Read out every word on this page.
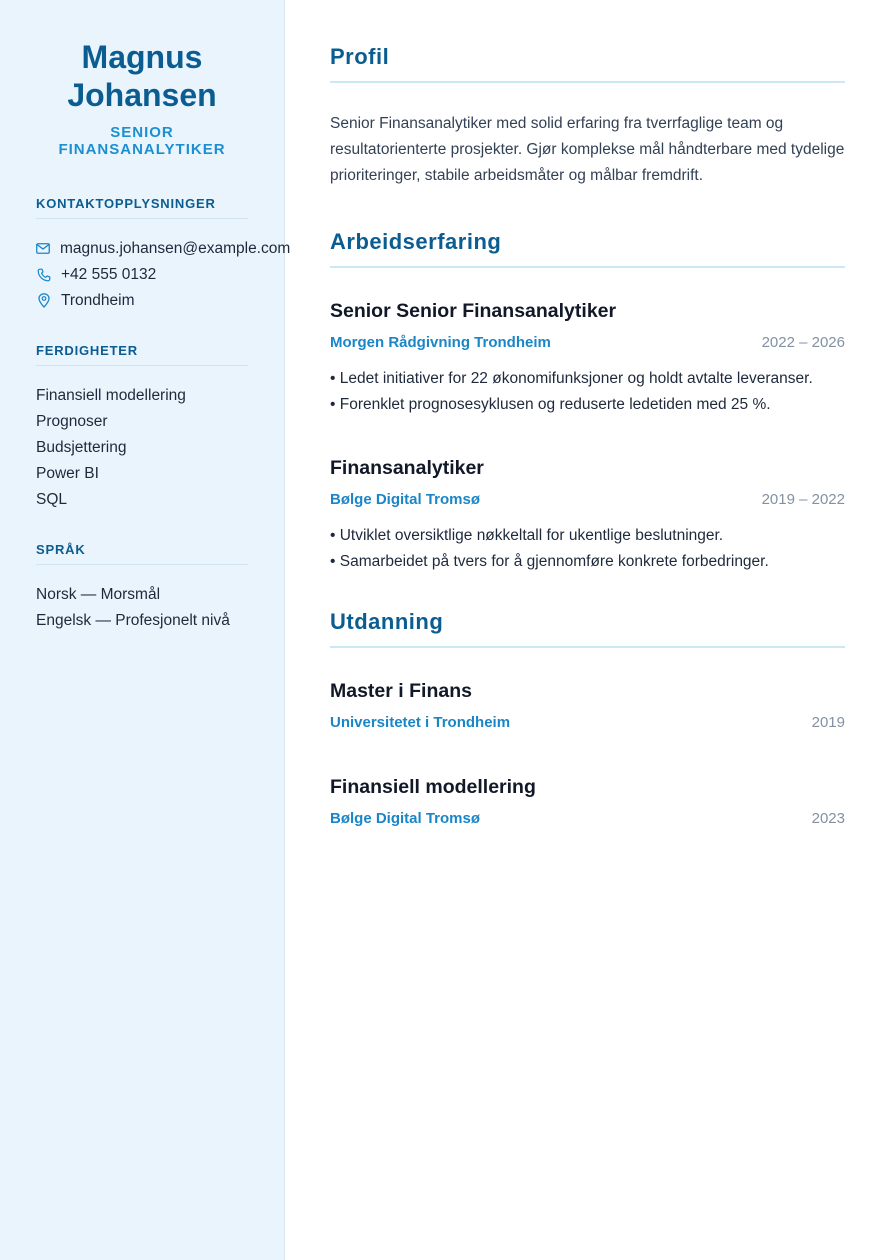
Magnus
Johansen
SENIOR FINANSANALYTIKER
KONTAKTOPPLYSNINGER
magnus.johansen@example.com
+42 555 0132
Trondheim
FERDIGHETER
Finansiell modellering
Prognoser
Budsjettering
Power BI
SQL
SPRÅK
Norsk — Morsmål
Engelsk — Profesjonelt nivå
Profil

Senior Finansanalytiker med solid erfaring fra tverrfaglige team og resultatorienterte prosjekter. Gjør komplekse mål håndterbare med tydelige prioriteringer, stabile arbeidsmåter og målbar fremdrift.

Arbeidserfaring
Senior Senior Finansanalytiker
Morgen Rådgivning Trondheim	2022 – 2026
• Ledet initiativer for 22 økonomifunksjoner og holdt avtalte leveranser.
• Forenklet prognosesyklusen og reduserte ledetiden med 25 %.
Finansanalytiker
Bølge Digital Tromsø	2019 – 2022
• Utviklet oversiktlige nøkkeltall for ukentlige beslutninger.
• Samarbeidet på tvers for å gjennomføre konkrete forbedringer.
Utdanning
Master i Finans
Universitetet i Trondheim	2019
Finansiell modellering
Bølge Digital Tromsø	2023
